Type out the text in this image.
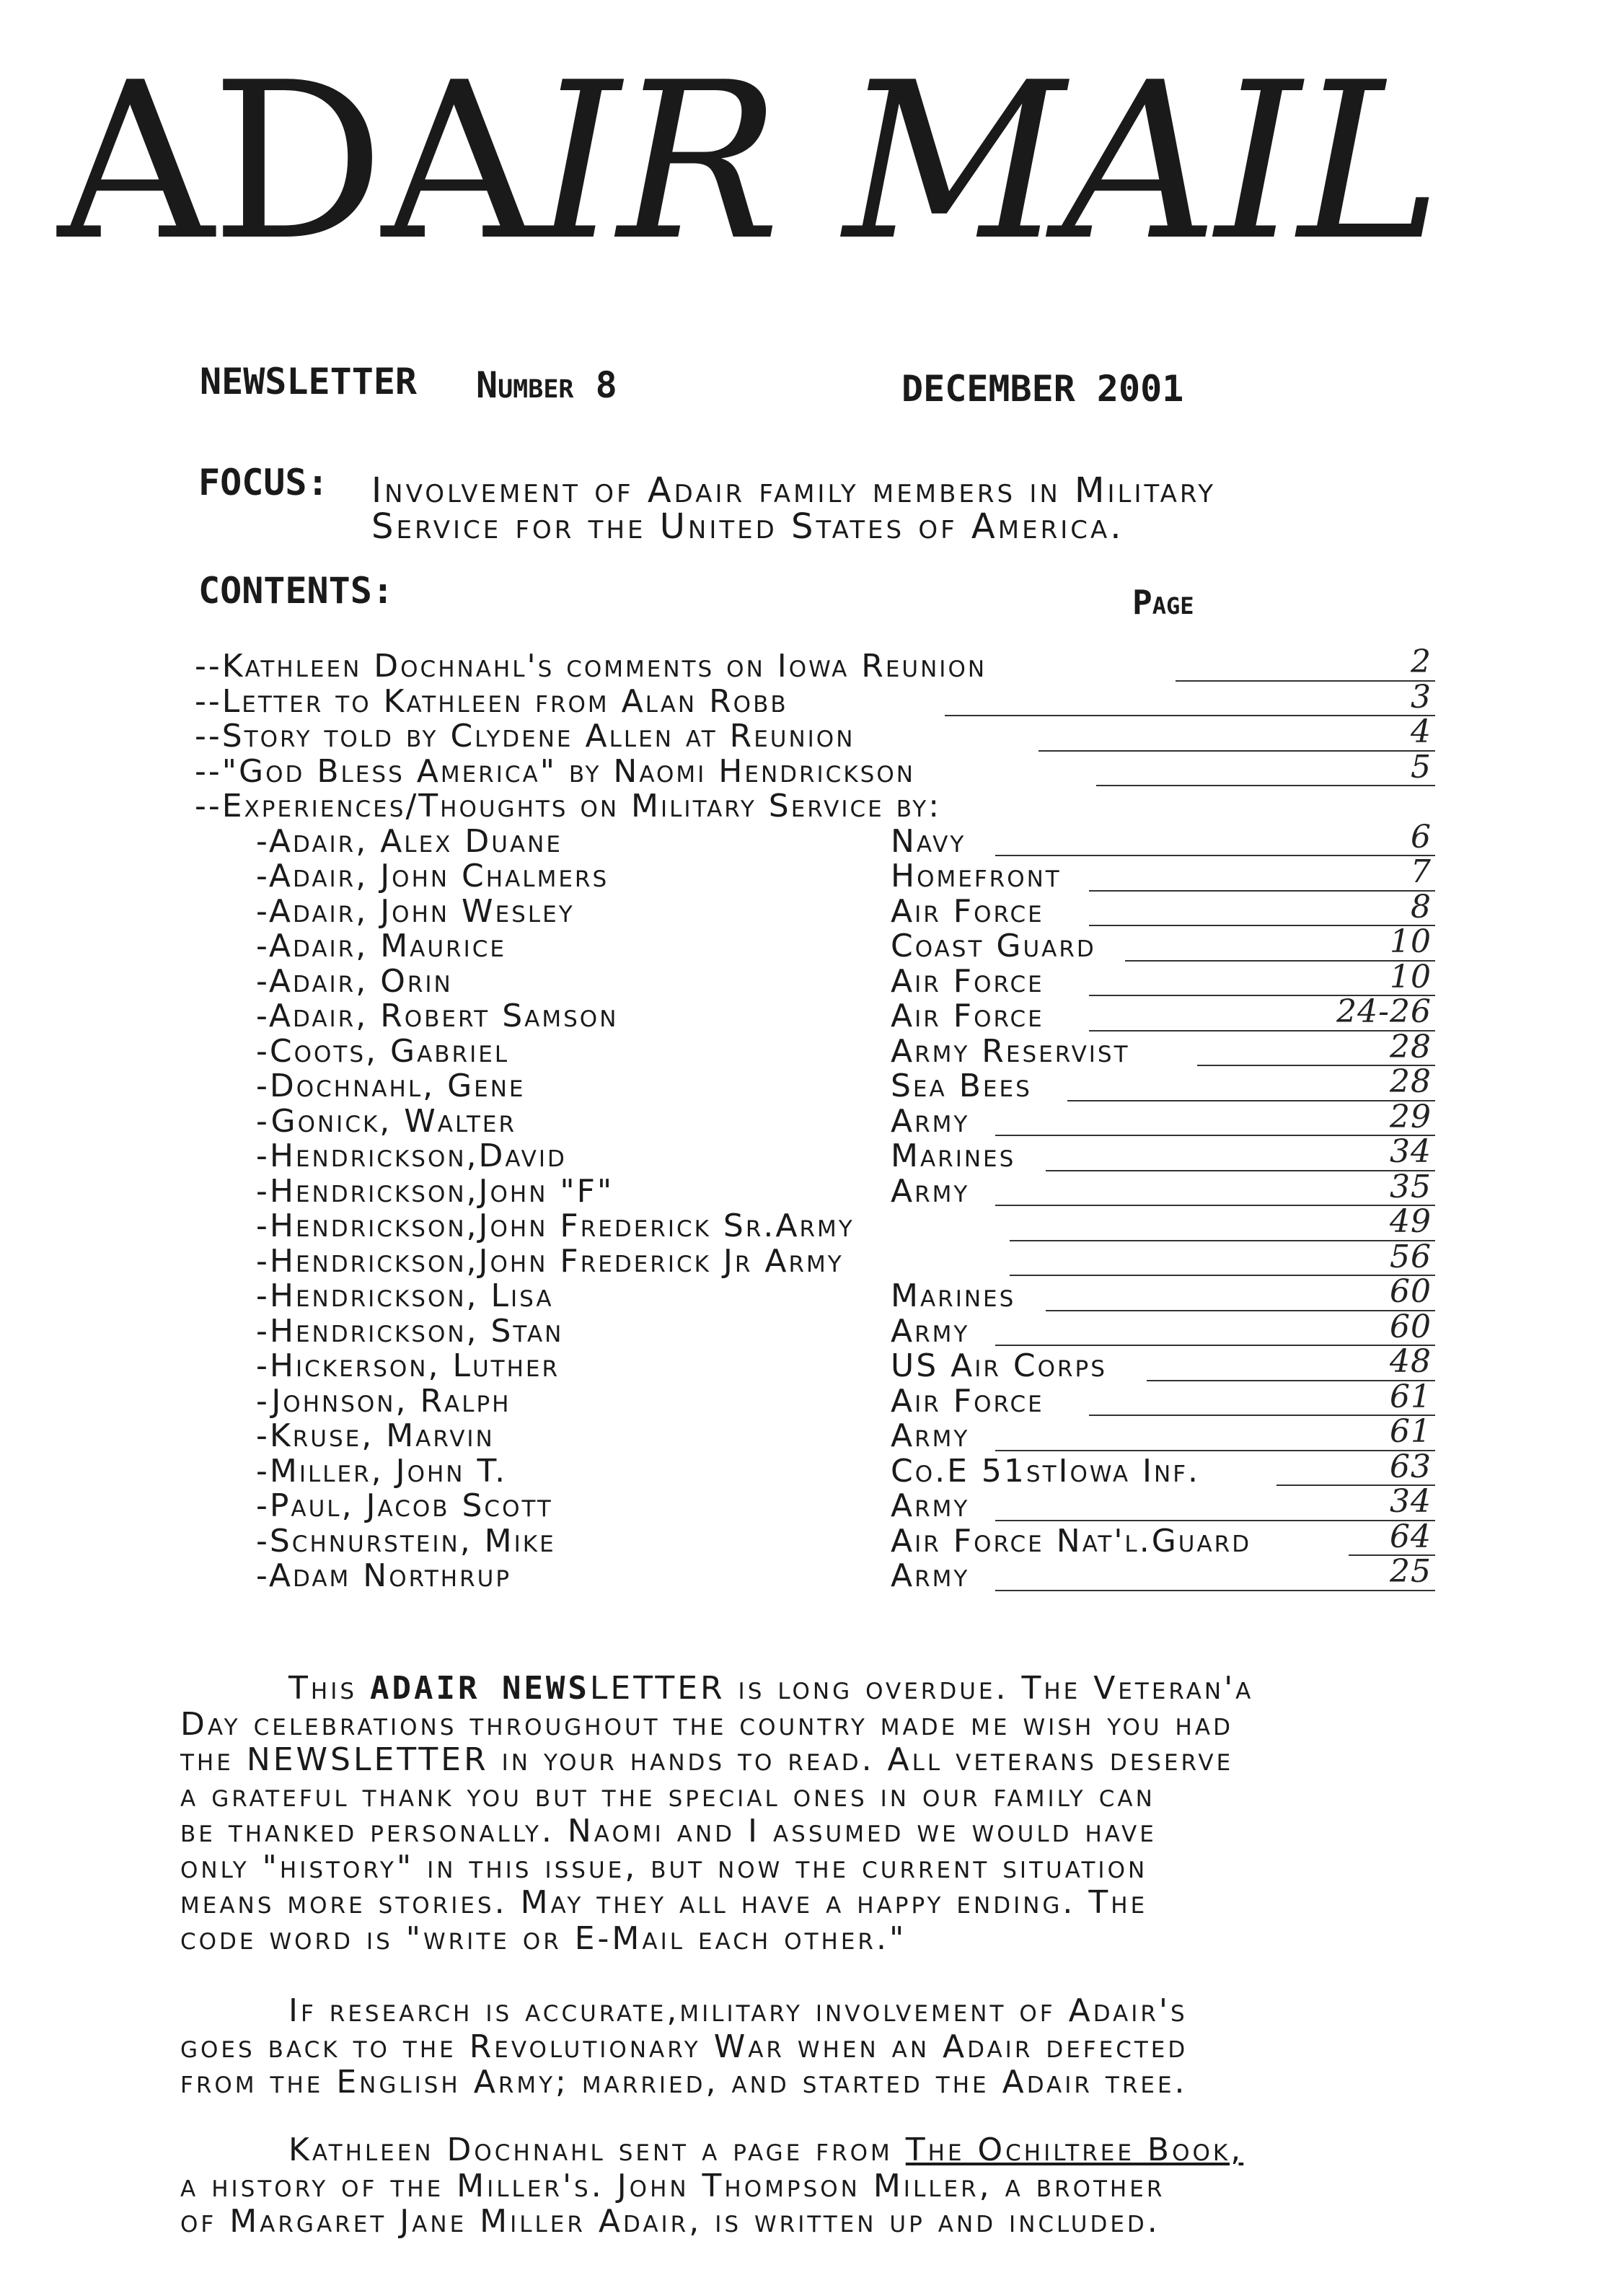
ADAIR MAIL
NEWSLETTER Number 8	DECEMBER 2001
FOCUS: Involvement of Adair family members in Military
Service for the United States of America.
CONTENTS:	Page
--Kathleen Dochnahl's comments on Iowa Reunion	2
--Letter to Kathleen from Alan Robb	3
--Story told by Clydene Allen at Reunion	4
--"God Bless America" by Naomi Hendrickson	5
--Experiences/Thoughts on Military Service by:
-Adair, Alex Duane	Navy	6
-Adair, John Chalmers	Homefront	7
-Adair, John Wesley	Air Force	8
-Adair, Maurice	Coast Guard	10
-Adair, Orin	Air Force	10
-Adair, Robert Samson	Air Force	24-26
-Coots, Gabriel	Army Reservist	28
-Dochnahl, Gene	Sea Bees	28
-Gonick, Walter	Army	29
-Hendrickson,David	Marines	34
-Hendrickson,John "F"	Army	35
-Hendrickson,John Frederick Sr.Army	49
-Hendrickson,John Frederick Jr Army	56
-Hendrickson, Lisa	Marines	60
-Hendrickson, Stan	Army	60
-Hickerson, Luther	US Air Corps	48
-Johnson, Ralph	Air Force	61
-Kruse, Marvin	Army	61
-Miller, John T.	Co.E 51stIowa Inf.	63
-Paul, Jacob Scott	Army	34
-Schnurstein, Mike	Air Force Nat'l.Guard	64
-Adam Northrup	Army	25
This ADAIR NEWSLETTER is long overdue. The Veteran'a
Day celebrations throughout the country made me wish you had
the NEWSLETTER in your hands to read. All veterans deserve
a grateful thank you but the special ones in our family can
be thanked personally. Naomi and I assumed we would have
only "history" in this issue, but now the current situation
means more stories. May they all have a happy ending. The
code word is "write or E-Mail each other."
If research is accurate,military involvement of Adair's
goes back to the Revolutionary War when an Adair defected
from the English Army; married, and started the Adair tree.
Kathleen Dochnahl sent a page from The Ochiltree Book,
a history of the Miller's. John Thompson Miller, a brother
of Margaret Jane Miller Adair, is written up and included.
